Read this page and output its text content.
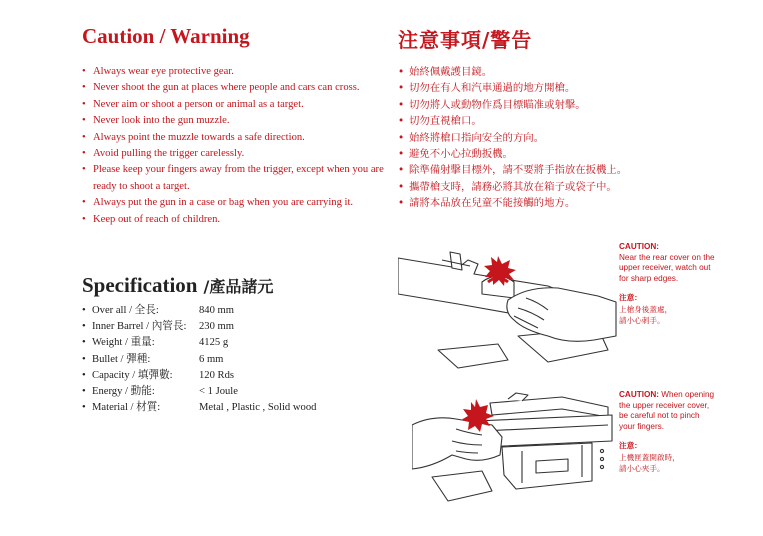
Caution / Warning	注意事項/警告
• Always wear eye protective gear.
• Never shoot the gun at places where people and cars can cross.
• Never aim or shoot a person or animal as a target.
• Never look into the gun muzzle.
• Always point the muzzle towards a safe direction.
• Avoid pulling the trigger carelessly.
• Please keep your fingers away from the trigger, except when you are ready to shoot a target.
• Always put the gun in a case or bag when you are carrying it.
• Keep out of reach of children.
• 始終佩戴護目鏡。
• 切勿在有人和汽車通過的地方開槍。
• 切勿將人或動物作爲目標瞄准或射擊。
• 切勿直視槍口。
• 始終將槍口指向安全的方向。
• 避免不小心拉動扳機。
• 除準備射擊目標外，請不要將手指放在扳機上。
• 攜帶槍支時，請務必將其放在箱子或袋子中。
• 請將本品放在兒童不能接觸的地方。
Specification /產品諸元
• Over all / 全長:	840 mm
• Inner Barrel / 內管長:	230 mm
• Weight / 重量:	4125 g
• Bullet / 彈種:	6 mm
• Capacity / 填彈數:	120 Rds
• Energy / 動能:	< 1 Joule
• Material / 材質:	Metal , Plastic , Solid wood
CAUTION:
Near the rear cover on the
upper receiver, watch out
for sharp edges.
注意：
上槍身後蓋處，
請小心刺手。
CAUTION: When opening
the upper receiver cover,
be careful not to pinch
your fingers.
注意：
上機匣蓋開啟時，
請小心夾手。
